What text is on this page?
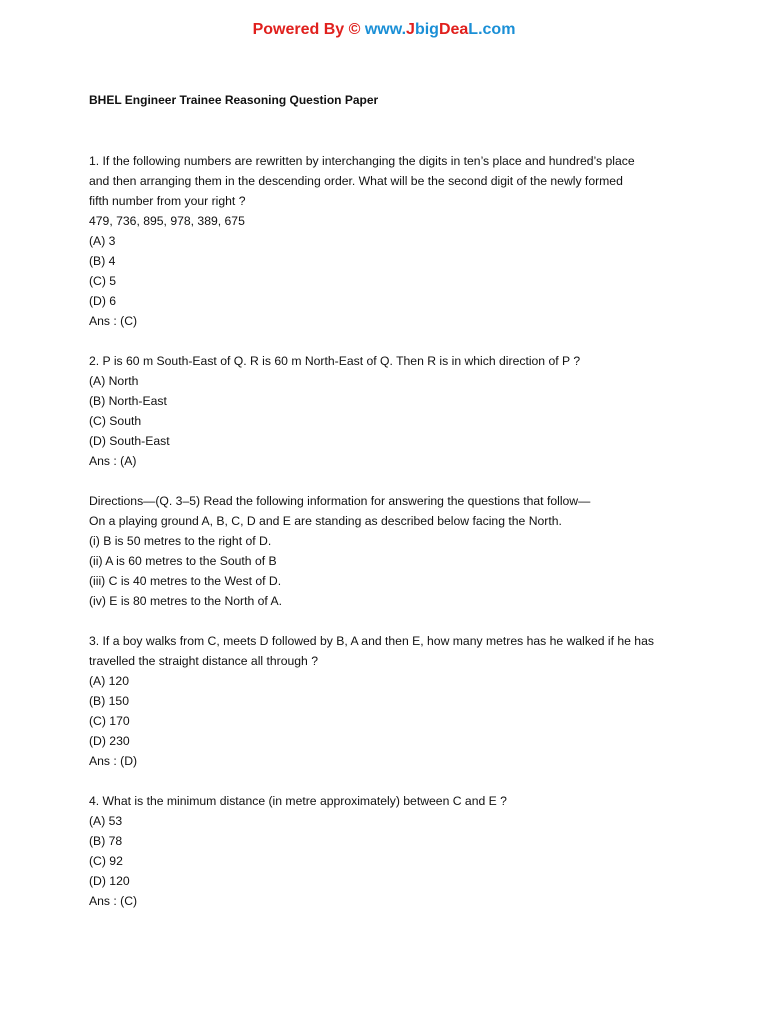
Powered By © www.JbigDeaL.com
BHEL Engineer Trainee Reasoning Question Paper
1. If the following numbers are rewritten by interchanging the digits in ten’s place and hundred’s place
and then arranging them in the descending order. What will be the second digit of the newly formed
fifth number from your right ?
479, 736, 895, 978, 389, 675
(A) 3
(B) 4
(C) 5
(D) 6
Ans : (C)
2. P is 60 m South-East of Q. R is 60 m North-East of Q. Then R is in which direction of P ?
(A) North
(B) North-East
(C) South
(D) South-East
Ans : (A)
Directions—(Q. 3–5) Read the following information for answering the questions that follow—
On a playing ground A, B, C, D and E are standing as described below facing the North.
(i) B is 50 metres to the right of D.
(ii) A is 60 metres to the South of B
(iii) C is 40 metres to the West of D.
(iv) E is 80 metres to the North of A.
3. If a boy walks from C, meets D followed by B, A and then E, how many metres has he walked if he has
travelled the straight distance all through ?
(A) 120
(B) 150
(C) 170
(D) 230
Ans : (D)
4. What is the minimum distance (in metre approximately) between C and E ?
(A) 53
(B) 78
(C) 92
(D) 120
Ans : (C)
